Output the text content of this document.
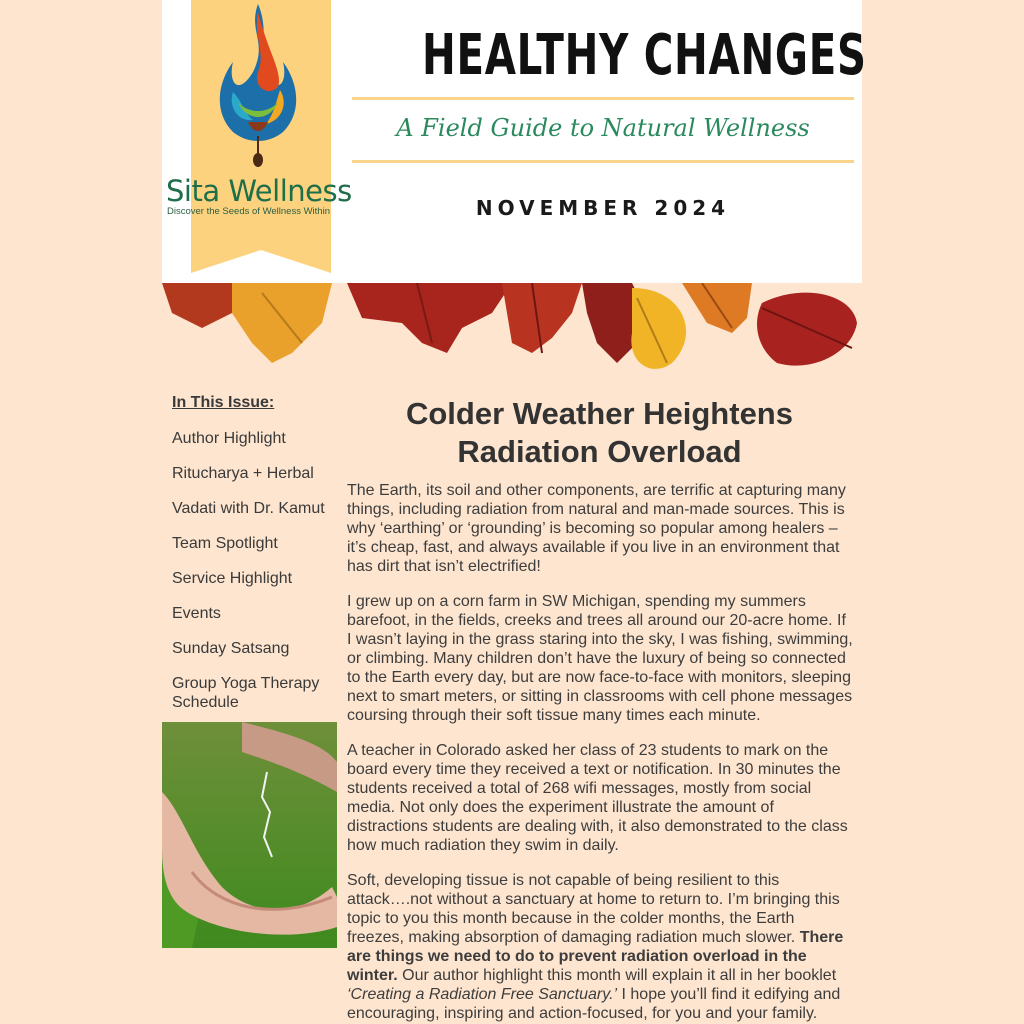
Sita Wellness
Discover the Seeds of Wellness Within
HEALTHY CHANGES
A Field Guide to Natural Wellness
NOVEMBER 2024
In This Issue:
Author Highlight
Ritucharya + Herbal
Vadati with Dr. Kamut
Team Spotlight
Service Highlight
Events
Sunday Satsang
Group Yoga Therapy Schedule
Colder Weather Heightens Radiation Overload

The Earth, its soil and other components, are terrific at capturing many things, including radiation from natural and man-made sources. This is why ‘earthing’ or ‘grounding’ is becoming so popular among healers – it’s cheap, fast, and always available if you live in an environment that has dirt that isn’t electrified!

I grew up on a corn farm in SW Michigan, spending my summers barefoot, in the fields, creeks and trees all around our 20-acre home. If I wasn’t laying in the grass staring into the sky, I was fishing, swimming, or climbing. Many children don’t have the luxury of being so connected to the Earth every day, but are now face-to-face with monitors, sleeping next to smart meters, or sitting in classrooms with cell phone messages coursing through their soft tissue many times each minute.

A teacher in Colorado asked her class of 23 students to mark on the board every time they received a text or notification. In 30 minutes the students received a total of 268 wifi messages, mostly from social media. Not only does the experiment illustrate the amount of distractions students are dealing with, it also demonstrated to the class how much radiation they swim in daily.

Soft, developing tissue is not capable of being resilient to this attack….not without a sanctuary at home to return to. I’m bringing this topic to you this month because in the colder months, the Earth freezes, making absorption of damaging radiation much slower. There are things we need to do to prevent radiation overload in the winter. Our author highlight this month will explain it all in her booklet ‘Creating a Radiation Free Sanctuary.’ I hope you’ll find it edifying and encouraging, inspiring and action-focused, for you and your family.
